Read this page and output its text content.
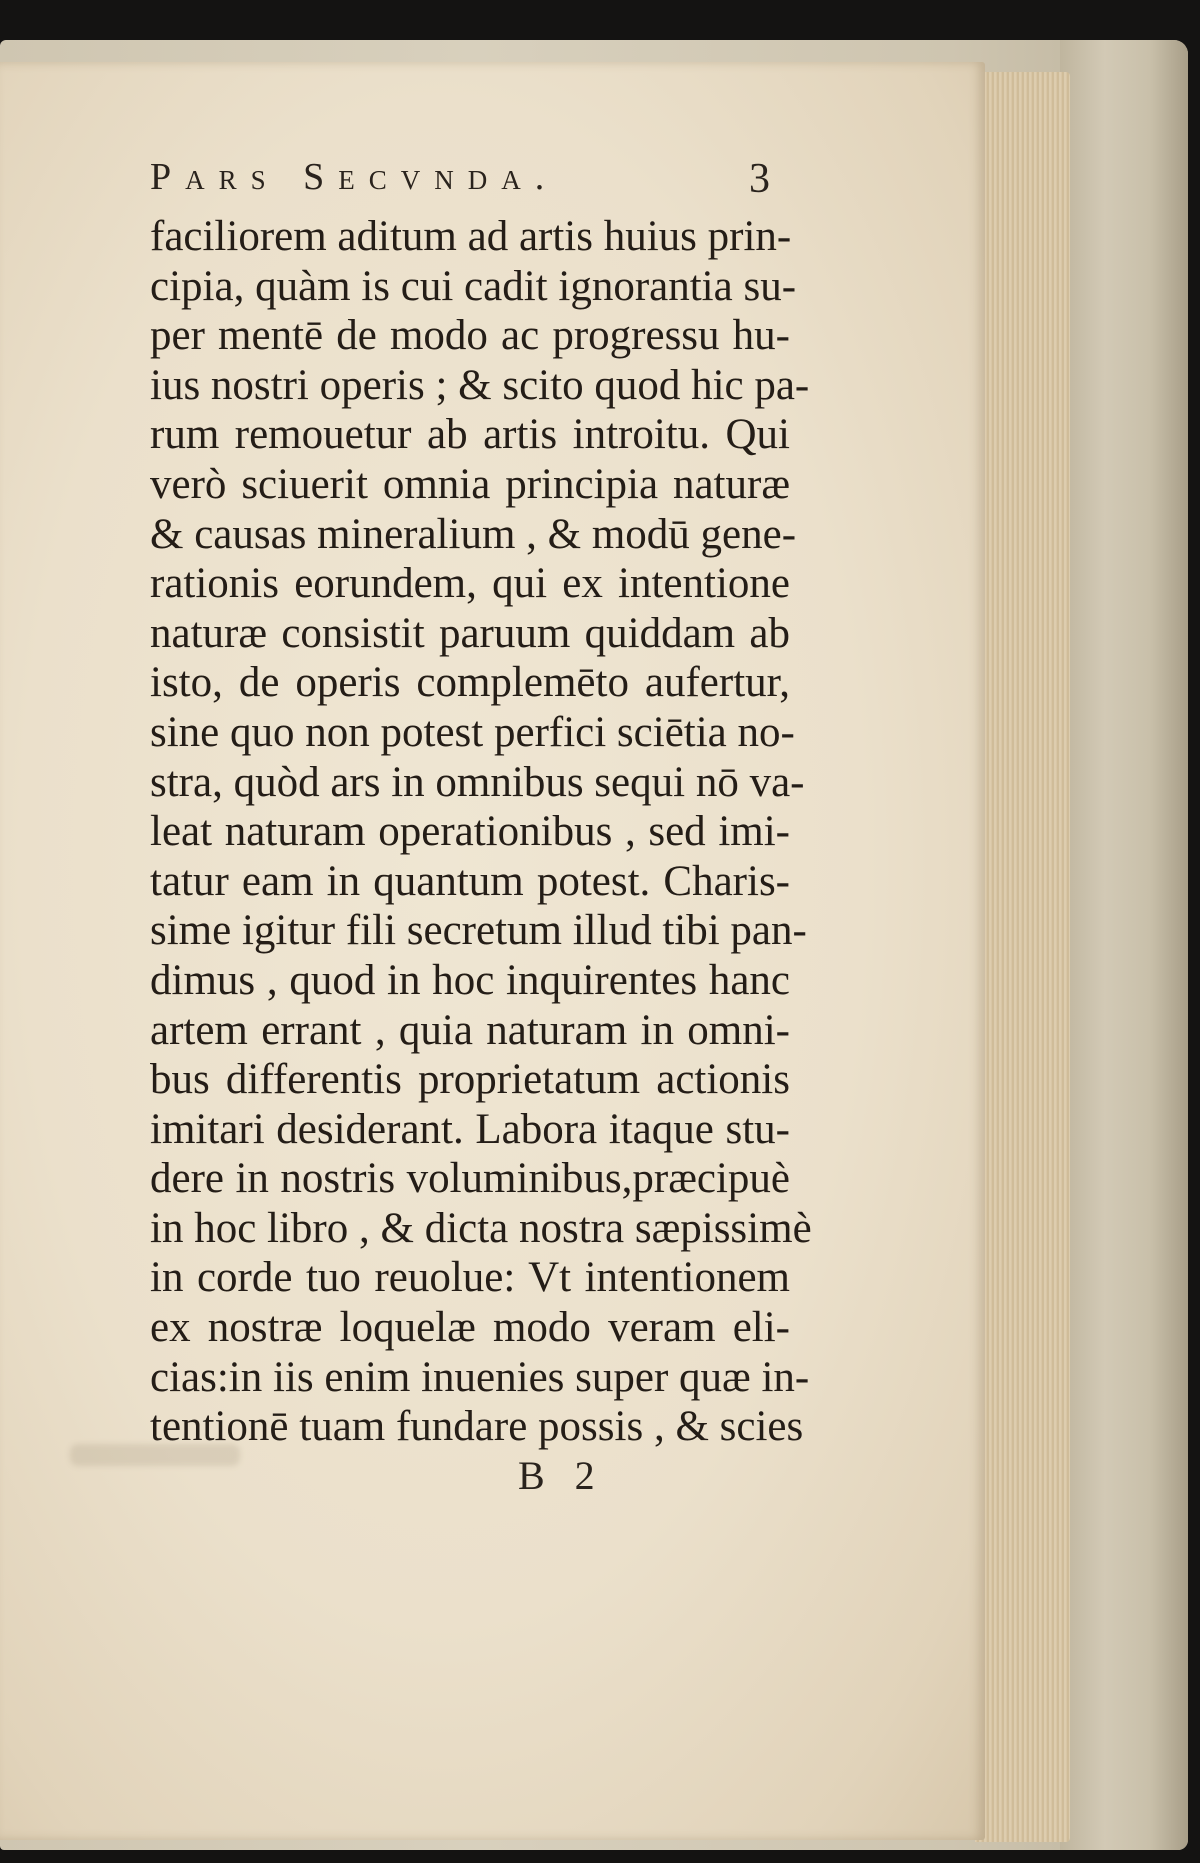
Pars Secvnda.	3
faciliorem aditum ad artis huius prin-
cipia, quàm is cui cadit ignorantia su-
per mentē de modo ac progressu hu-
ius nostri operis ; & scito quod hic pa-
rum remouetur ab artis introitu. Qui
verò sciuerit omnia principia naturæ
& causas mineralium , & modū gene-
rationis eorundem, qui ex intentione
naturæ consistit paruum quiddam ab
isto, de operis complemēto aufertur,
sine quo non potest perfici sciētia no-
stra, quòd ars in omnibus sequi nō va-
leat naturam operationibus , sed imi-
tatur eam in quantum potest. Charis-
sime igitur fili secretum illud tibi pan-
dimus , quod in hoc inquirentes hanc
artem errant , quia naturam in omni-
bus differentis proprietatum actionis
imitari desiderant. Labora itaque stu-
dere in nostris voluminibus,præcipuè
in hoc libro , & dicta nostra sæpissimè
in corde tuo reuolue: Vt intentionem
ex nostræ loquelæ modo veram eli-
cias:in iis enim inuenies super quæ in-
tentionē tuam fundare possis , & scies
B 2
